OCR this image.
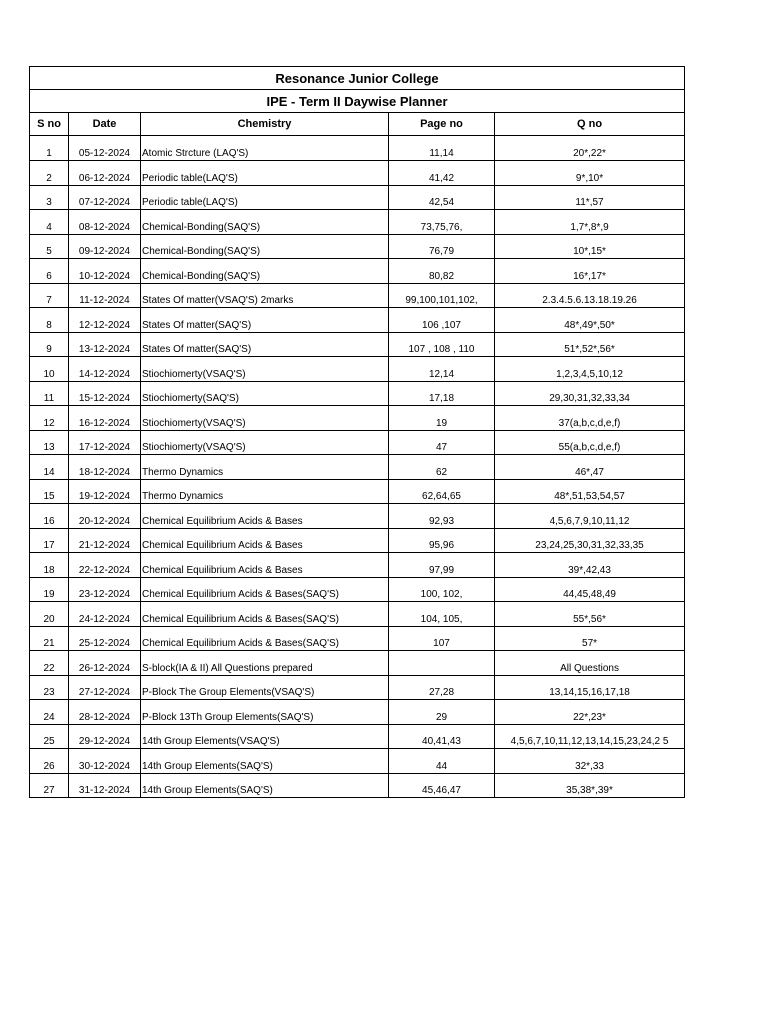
Resonance Junior College				
IPE - Term II Daywise Planner				
S no	Date	Chemistry	Page no	Q no
1	05-12-2024	Atomic Strcture (LAQ'S)	11,14	20*,22*
2	06-12-2024	Periodic table(LAQ'S)	41,42	9*,10*
3	07-12-2024	Periodic table(LAQ'S)	42,54	11*,57
4	08-12-2024	Chemical-Bonding(SAQ'S)	73,75,76,	1,7*,8*,9
5	09-12-2024	Chemical-Bonding(SAQ'S)	76,79	10*,15*
6	10-12-2024	Chemical-Bonding(SAQ'S)	80,82	16*,17*
7	11-12-2024	States Of matter(VSAQ'S) 2marks	99,100,101,102,	2.3.4.5.6.13.18.19.26
8	12-12-2024	States Of matter(SAQ'S)	106 ,107	48*,49*,50*
9	13-12-2024	States Of matter(SAQ'S)	107 , 108 , 110	51*,52*,56*
10	14-12-2024	Stiochiomerty(VSAQ'S)	12,14	1,2,3,4,5,10,12
11	15-12-2024	Stiochiomerty(SAQ'S)	17,18	29,30,31,32,33,34
12	16-12-2024	Stiochiomerty(VSAQ'S)	19	37(a,b,c,d,e,f)
13	17-12-2024	Stiochiomerty(VSAQ'S)	47	55(a,b,c,d,e,f)
14	18-12-2024	Thermo Dynamics	62	46*,47
15	19-12-2024	Thermo Dynamics	62,64,65	48*,51,53,54,57
16	20-12-2024	Chemical Equilibrium Acids & Bases	92,93	4,5,6,7,9,10,11,12
17	21-12-2024	Chemical Equilibrium Acids & Bases	95,96	23,24,25,30,31,32,33,35
18	22-12-2024	Chemical Equilibrium Acids & Bases	97,99	39*,42,43
19	23-12-2024	Chemical Equilibrium Acids & Bases(SAQ'S)	100, 102,	44,45,48,49
20	24-12-2024	Chemical Equilibrium Acids & Bases(SAQ'S)	104, 105,	55*,56*
21	25-12-2024	Chemical Equilibrium Acids & Bases(SAQ'S)	107	57*
22	26-12-2024	S-block(IA & II) All Questions prepared		All Questions
23	27-12-2024	P-Block The Group Elements(VSAQ'S)	27,28	13,14,15,16,17,18
24	28-12-2024	P-Block 13Th Group Elements(SAQ'S)	29	22*,23*
25	29-12-2024	14th Group Elements(VSAQ'S)	40,41,43	4,5,6,7,10,11,12,13,14,15,23,24,2 5
26	30-12-2024	14th Group Elements(SAQ'S)	44	32*,33
27	31-12-2024	14th Group Elements(SAQ'S)	45,46,47	35,38*,39*
